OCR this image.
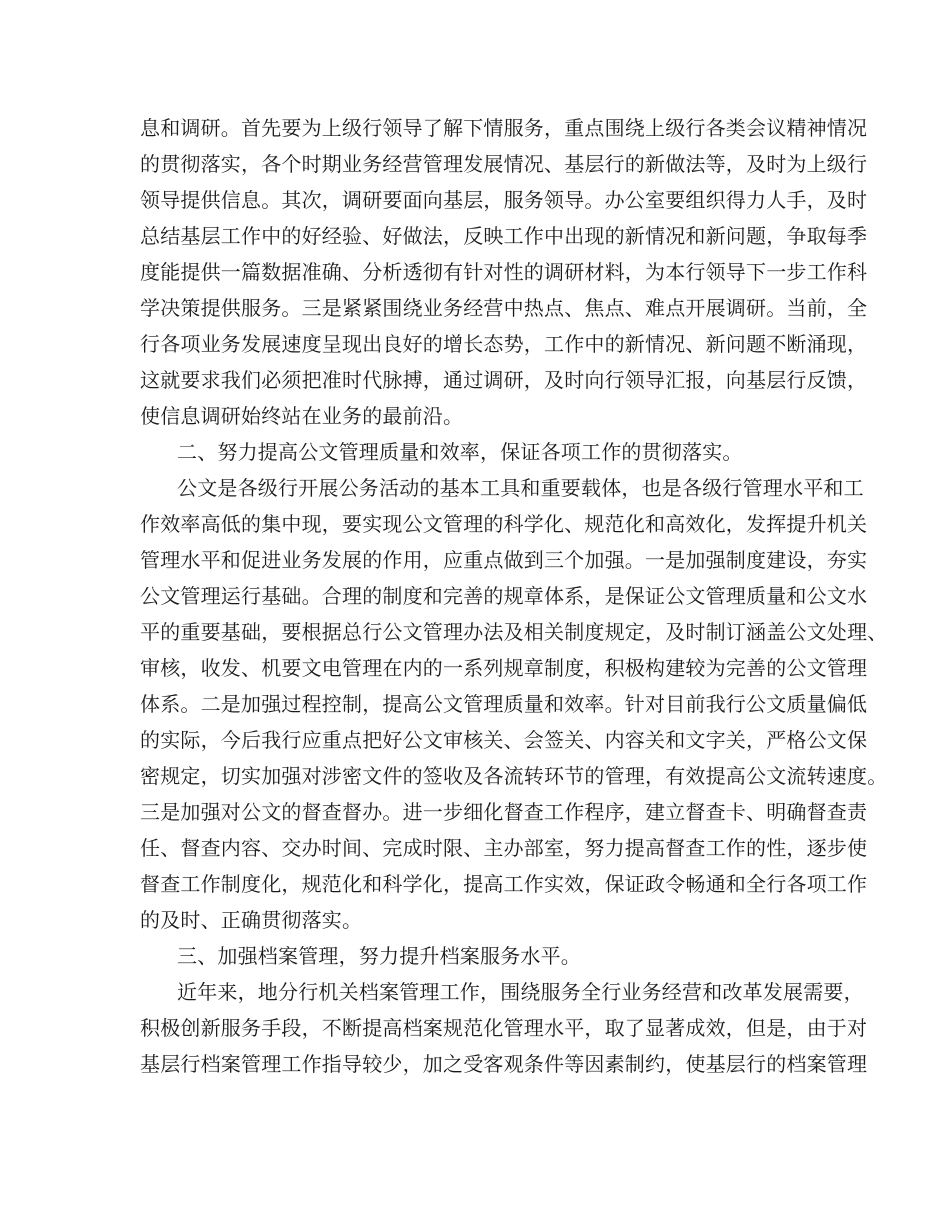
息和调研。首先要为上级行领导了解下情服务，重点围绕上级行各类会议精神情况
的贯彻落实，各个时期业务经营管理发展情况、基层行的新做法等，及时为上级行
领导提供信息。其次，调研要面向基层，服务领导。办公室要组织得力人手，及时
总结基层工作中的好经验、好做法，反映工作中出现的新情况和新问题，争取每季
度能提供一篇数据准确、分析透彻有针对性的调研材料，为本行领导下一步工作科
学决策提供服务。三是紧紧围绕业务经营中热点、焦点、难点开展调研。当前，全
行各项业务发展速度呈现出良好的增长态势，工作中的新情况、新问题不断涌现，
这就要求我们必须把准时代脉搏，通过调研，及时向行领导汇报，向基层行反馈，
使信息调研始终站在业务的最前沿。
二、努力提高公文管理质量和效率，保证各项工作的贯彻落实。
公文是各级行开展公务活动的基本工具和重要载体，也是各级行管理水平和工
作效率高低的集中现，要实现公文管理的科学化、规范化和高效化，发挥提升机关
管理水平和促进业务发展的作用，应重点做到三个加强。一是加强制度建设，夯实
公文管理运行基础。合理的制度和完善的规章体系，是保证公文管理质量和公文水
平的重要基础，要根据总行公文管理办法及相关制度规定，及时制订涵盖公文处理、
审核，收发、机要文电管理在内的一系列规章制度，积极构建较为完善的公文管理
体系。二是加强过程控制，提高公文管理质量和效率。针对目前我行公文质量偏低
的实际，今后我行应重点把好公文审核关、会签关、内容关和文字关，严格公文保
密规定，切实加强对涉密文件的签收及各流转环节的管理，有效提高公文流转速度。
三是加强对公文的督查督办。进一步细化督查工作程序，建立督查卡、明确督查责
任、督查内容、交办时间、完成时限、主办部室，努力提高督查工作的性，逐步使
督查工作制度化，规范化和科学化，提高工作实效，保证政令畅通和全行各项工作
的及时、正确贯彻落实。
三、加强档案管理，努力提升档案服务水平。
近年来，地分行机关档案管理工作，围绕服务全行业务经营和改革发展需要，
积极创新服务手段，不断提高档案规范化管理水平，取了显著成效，但是，由于对
基层行档案管理工作指导较少，加之受客观条件等因素制约，使基层行的档案管理
